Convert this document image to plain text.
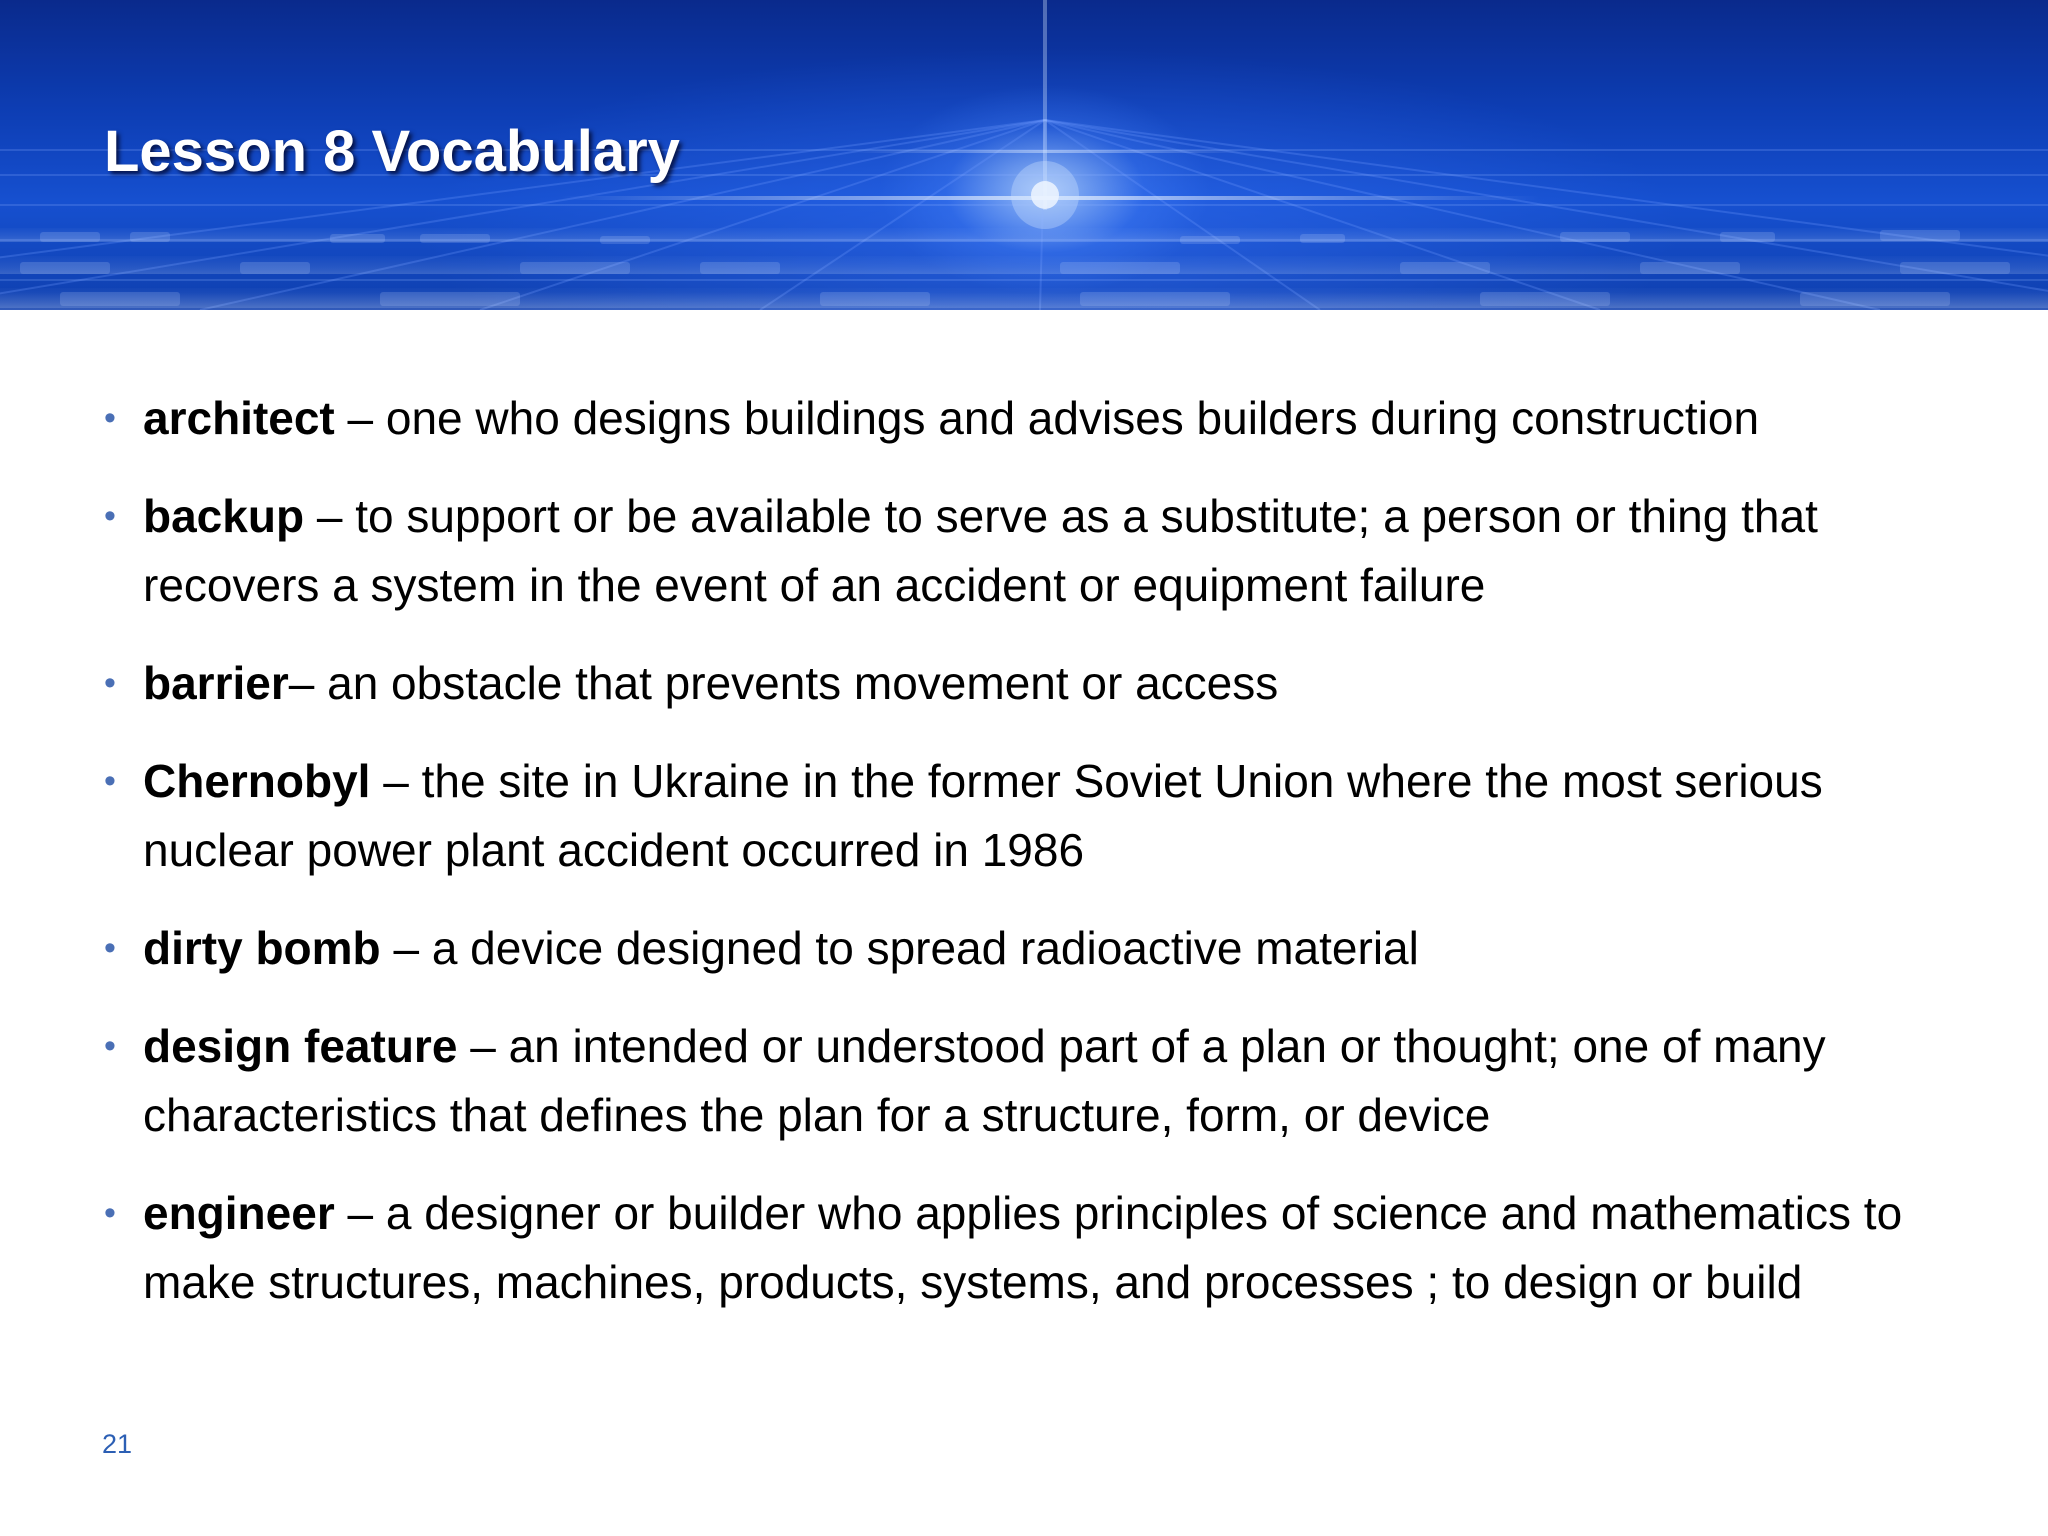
Lesson 8 Vocabulary
• architect – one who designs buildings and advises builders during construction
• backup – to support or be available to serve as a substitute; a person or thing that recovers a system in the event of an accident or equipment failure
• barrier– an obstacle that prevents movement or access
• Chernobyl – the site in Ukraine in the former Soviet Union where the most serious nuclear power plant accident occurred in 1986
• dirty bomb – a device designed to spread radioactive material
• design feature – an intended or understood part of a plan or thought; one of many characteristics that defines the plan for a structure, form, or device
• engineer – a designer or builder who applies principles of science and mathematics to make structures, machines, products, systems, and processes ; to design or build
21
